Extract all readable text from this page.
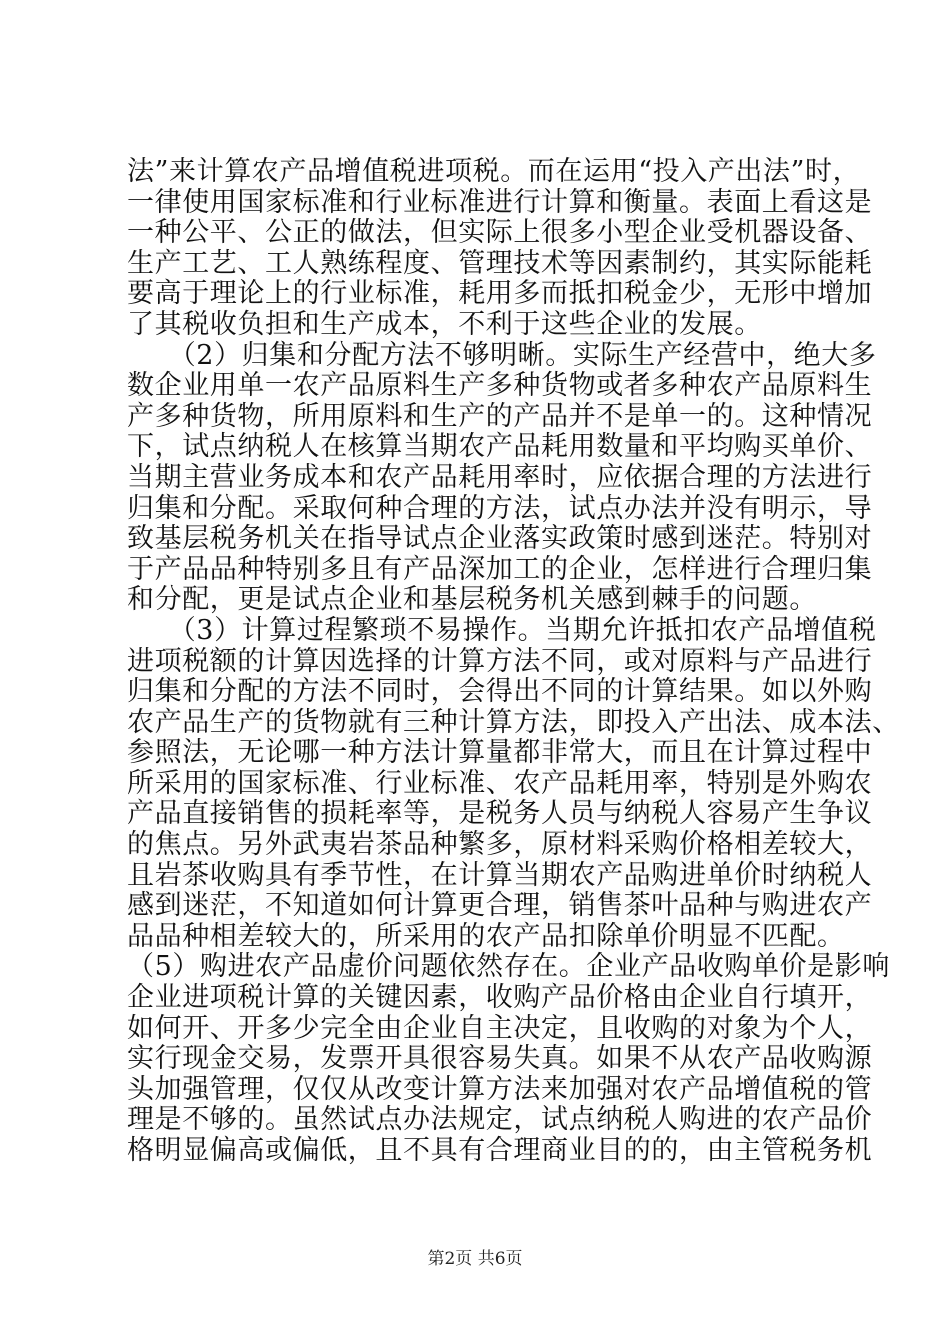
法”来计算农产品增值税进项税。而在运用“投入产出法”时，
一律使用国家标准和行业标准进行计算和衡量。表面上看这是
一种公平、公正的做法，但实际上很多小型企业受机器设备、
生产工艺、工人熟练程度、管理技术等因素制约，其实际能耗
要高于理论上的行业标准，耗用多而抵扣税金少，无形中增加
了其税收负担和生产成本，不利于这些企业的发展。
　　（2）归集和分配方法不够明晰。实际生产经营中，绝大多
数企业用单一农产品原料生产多种货物或者多种农产品原料生
产多种货物，所用原料和生产的产品并不是单一的。这种情况
下，试点纳税人在核算当期农产品耗用数量和平均购买单价、
当期主营业务成本和农产品耗用率时，应依据合理的方法进行
归集和分配。采取何种合理的方法，试点办法并没有明示，导
致基层税务机关在指导试点企业落实政策时感到迷茫。特别对
于产品品种特别多且有产品深加工的企业，怎样进行合理归集
和分配，更是试点企业和基层税务机关感到棘手的问题。
　　（3）计算过程繁琐不易操作。当期允许抵扣农产品增值税
进项税额的计算因选择的计算方法不同，或对原料与产品进行
归集和分配的方法不同时，会得出不同的计算结果。如以外购
农产品生产的货物就有三种计算方法，即投入产出法、成本法、
参照法，无论哪一种方法计算量都非常大，而且在计算过程中
所采用的国家标准、行业标准、农产品耗用率，特别是外购农
产品直接销售的损耗率等，是税务人员与纳税人容易产生争议
的焦点。另外武夷岩茶品种繁多，原材料采购价格相差较大，
且岩茶收购具有季节性，在计算当期农产品购进单价时纳税人
感到迷茫，不知道如何计算更合理，销售茶叶品种与购进农产
品品种相差较大的，所采用的农产品扣除单价明显不匹配。
（5）购进农产品虚价问题依然存在。企业产品收购单价是影响
企业进项税计算的关键因素，收购产品价格由企业自行填开，
如何开、开多少完全由企业自主决定，且收购的对象为个人，
实行现金交易，发票开具很容易失真。如果不从农产品收购源
头加强管理，仅仅从改变计算方法来加强对农产品增值税的管
理是不够的。虽然试点办法规定，试点纳税人购进的农产品价
格明显偏高或偏低，且不具有合理商业目的的，由主管税务机
第2页 共6页
